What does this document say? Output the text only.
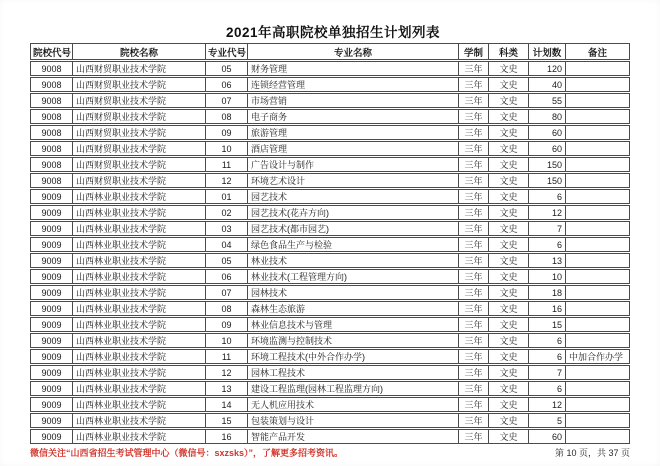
2021年高职院校单独招生计划列表
院校代号	院校名称	专业代号	专业名称	学制	科类	计划数	备注
9008	山西财贸职业技术学院	05	财务管理	三年	文史	120	
9008	山西财贸职业技术学院	06	连锁经营管理	三年	文史	40	
9008	山西财贸职业技术学院	07	市场营销	三年	文史	55	
9008	山西财贸职业技术学院	08	电子商务	三年	文史	80	
9008	山西财贸职业技术学院	09	旅游管理	三年	文史	60	
9008	山西财贸职业技术学院	10	酒店管理	三年	文史	60	
9008	山西财贸职业技术学院	11	广告设计与制作	三年	文史	150	
9008	山西财贸职业技术学院	12	环境艺术设计	三年	文史	150	
9009	山西林业职业技术学院	01	园艺技术	三年	文史	6	
9009	山西林业职业技术学院	02	园艺技术(花卉方向)	三年	文史	12	
9009	山西林业职业技术学院	03	园艺技术(都市园艺)	三年	文史	7	
9009	山西林业职业技术学院	04	绿色食品生产与检验	三年	文史	6	
9009	山西林业职业技术学院	05	林业技术	三年	文史	13	
9009	山西林业职业技术学院	06	林业技术(工程管理方向)	三年	文史	10	
9009	山西林业职业技术学院	07	园林技术	三年	文史	18	
9009	山西林业职业技术学院	08	森林生态旅游	三年	文史	16	
9009	山西林业职业技术学院	09	林业信息技术与管理	三年	文史	15	
9009	山西林业职业技术学院	10	环境监测与控制技术	三年	文史	6	
9009	山西林业职业技术学院	11	环境工程技术(中外合作办学)	三年	文史	6	中加合作办学
9009	山西林业职业技术学院	12	园林工程技术	三年	文史	7	
9009	山西林业职业技术学院	13	建设工程监理(园林工程监理方向)	三年	文史	6	
9009	山西林业职业技术学院	14	无人机应用技术	三年	文史	12	
9009	山西林业职业技术学院	15	包装策划与设计	三年	文史	5	
9009	山西林业职业技术学院	16	智能产品开发	三年	文史	60	
微信关注“山西省招生考试管理中心（微信号：sxzsks）”，了解更多招考资讯。	第 10 页，共 37 页
